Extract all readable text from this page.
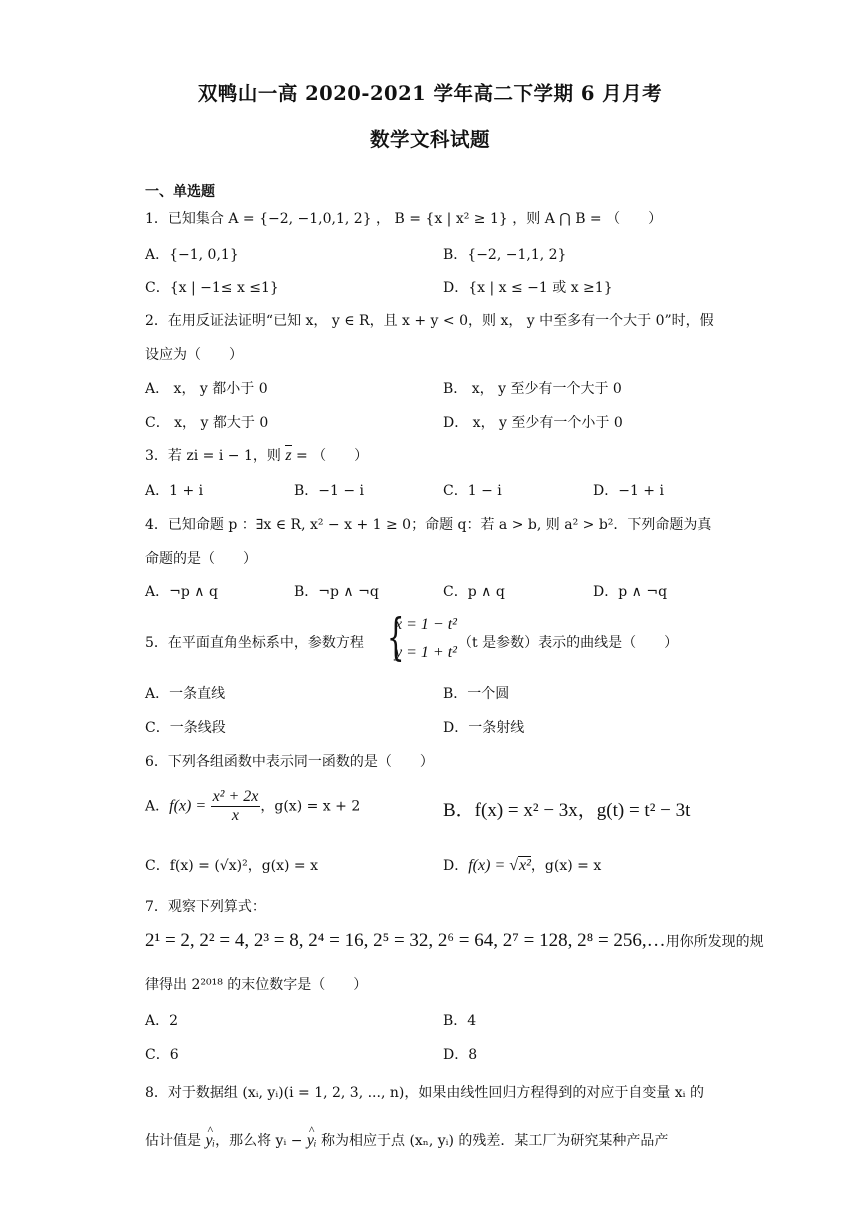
双鸭山一高 2020-2021 学年高二下学期 6 月月考
数学文科试题
一、单选题
1．已知集合 A = {−2, −1,0,1, 2} ， B = {x | x² ≥ 1} ，则 A ⋂ B = （　　）
A．{−1, 0,1}	B．{−2, −1,1, 2}
C．{x | −1≤ x ≤1}	D．{x | x ≤ −1 或 x ≥1}
2．在用反证法证明“已知 x， y ∈ R，且 x + y < 0，则 x， y 中至多有一个大于 0”时，假
设应为（　　）
A． x， y 都小于 0	B． x， y 至少有一个大于 0
C． x， y 都大于 0	D． x， y 至少有一个小于 0
3．若 zi = i − 1，则 z = （　　）
A．1 + i	B．−1 − i	C．1 − i	D．−1 + i
4．已知命题 p ：∃x ∈ R, x² − x + 1 ≥ 0；命题 q：若 a > b, 则 a² > b²．下列命题为真
命题的是（　　）
A．¬p ∧ q	B．¬p ∧ ¬q	C．p ∧ q	D．p ∧ ¬q
5．在平面直角坐标系中，参数方程 {
x = 1 − t²
y = 1 + t²
（t 是参数）表示的曲线是（　　）
A．一条直线	B．一个圆
C．一条线段	D．一条射线
6．下列各组函数中表示同一函数的是（　　）
A．$f(x) = \frac{\text{x² + 2x}}{x}$ ，g(x) = x + 2	B．f(x) = x² − 3x，g(t) = t² − 3t
C．f(x) = (√x)²，g(x) = x	D．f(x) = √x²，g(x) = x
7．观察下列算式：
2¹ = 2, 2² = 4, 2³ = 8, 2⁴ = 16, 2⁵ = 32, 2⁶ = 64, 2⁷ = 128, 2⁸ = 256,…用你所发现的规
律得出 2²⁰¹⁸ 的末位数字是（　　）
A．2	B．4
C．6	D．8
8．对于数据组 (xᵢ, yᵢ)(i = 1, 2, 3, ..., n)，如果由线性回归方程得到的对应于自变量 xᵢ 的
估计值是 ^ yᵢ，那么将 yᵢ − ^ yᵢ 称为相应于点 (xₙ, yᵢ) 的残差．某工厂为研究某种产品产
